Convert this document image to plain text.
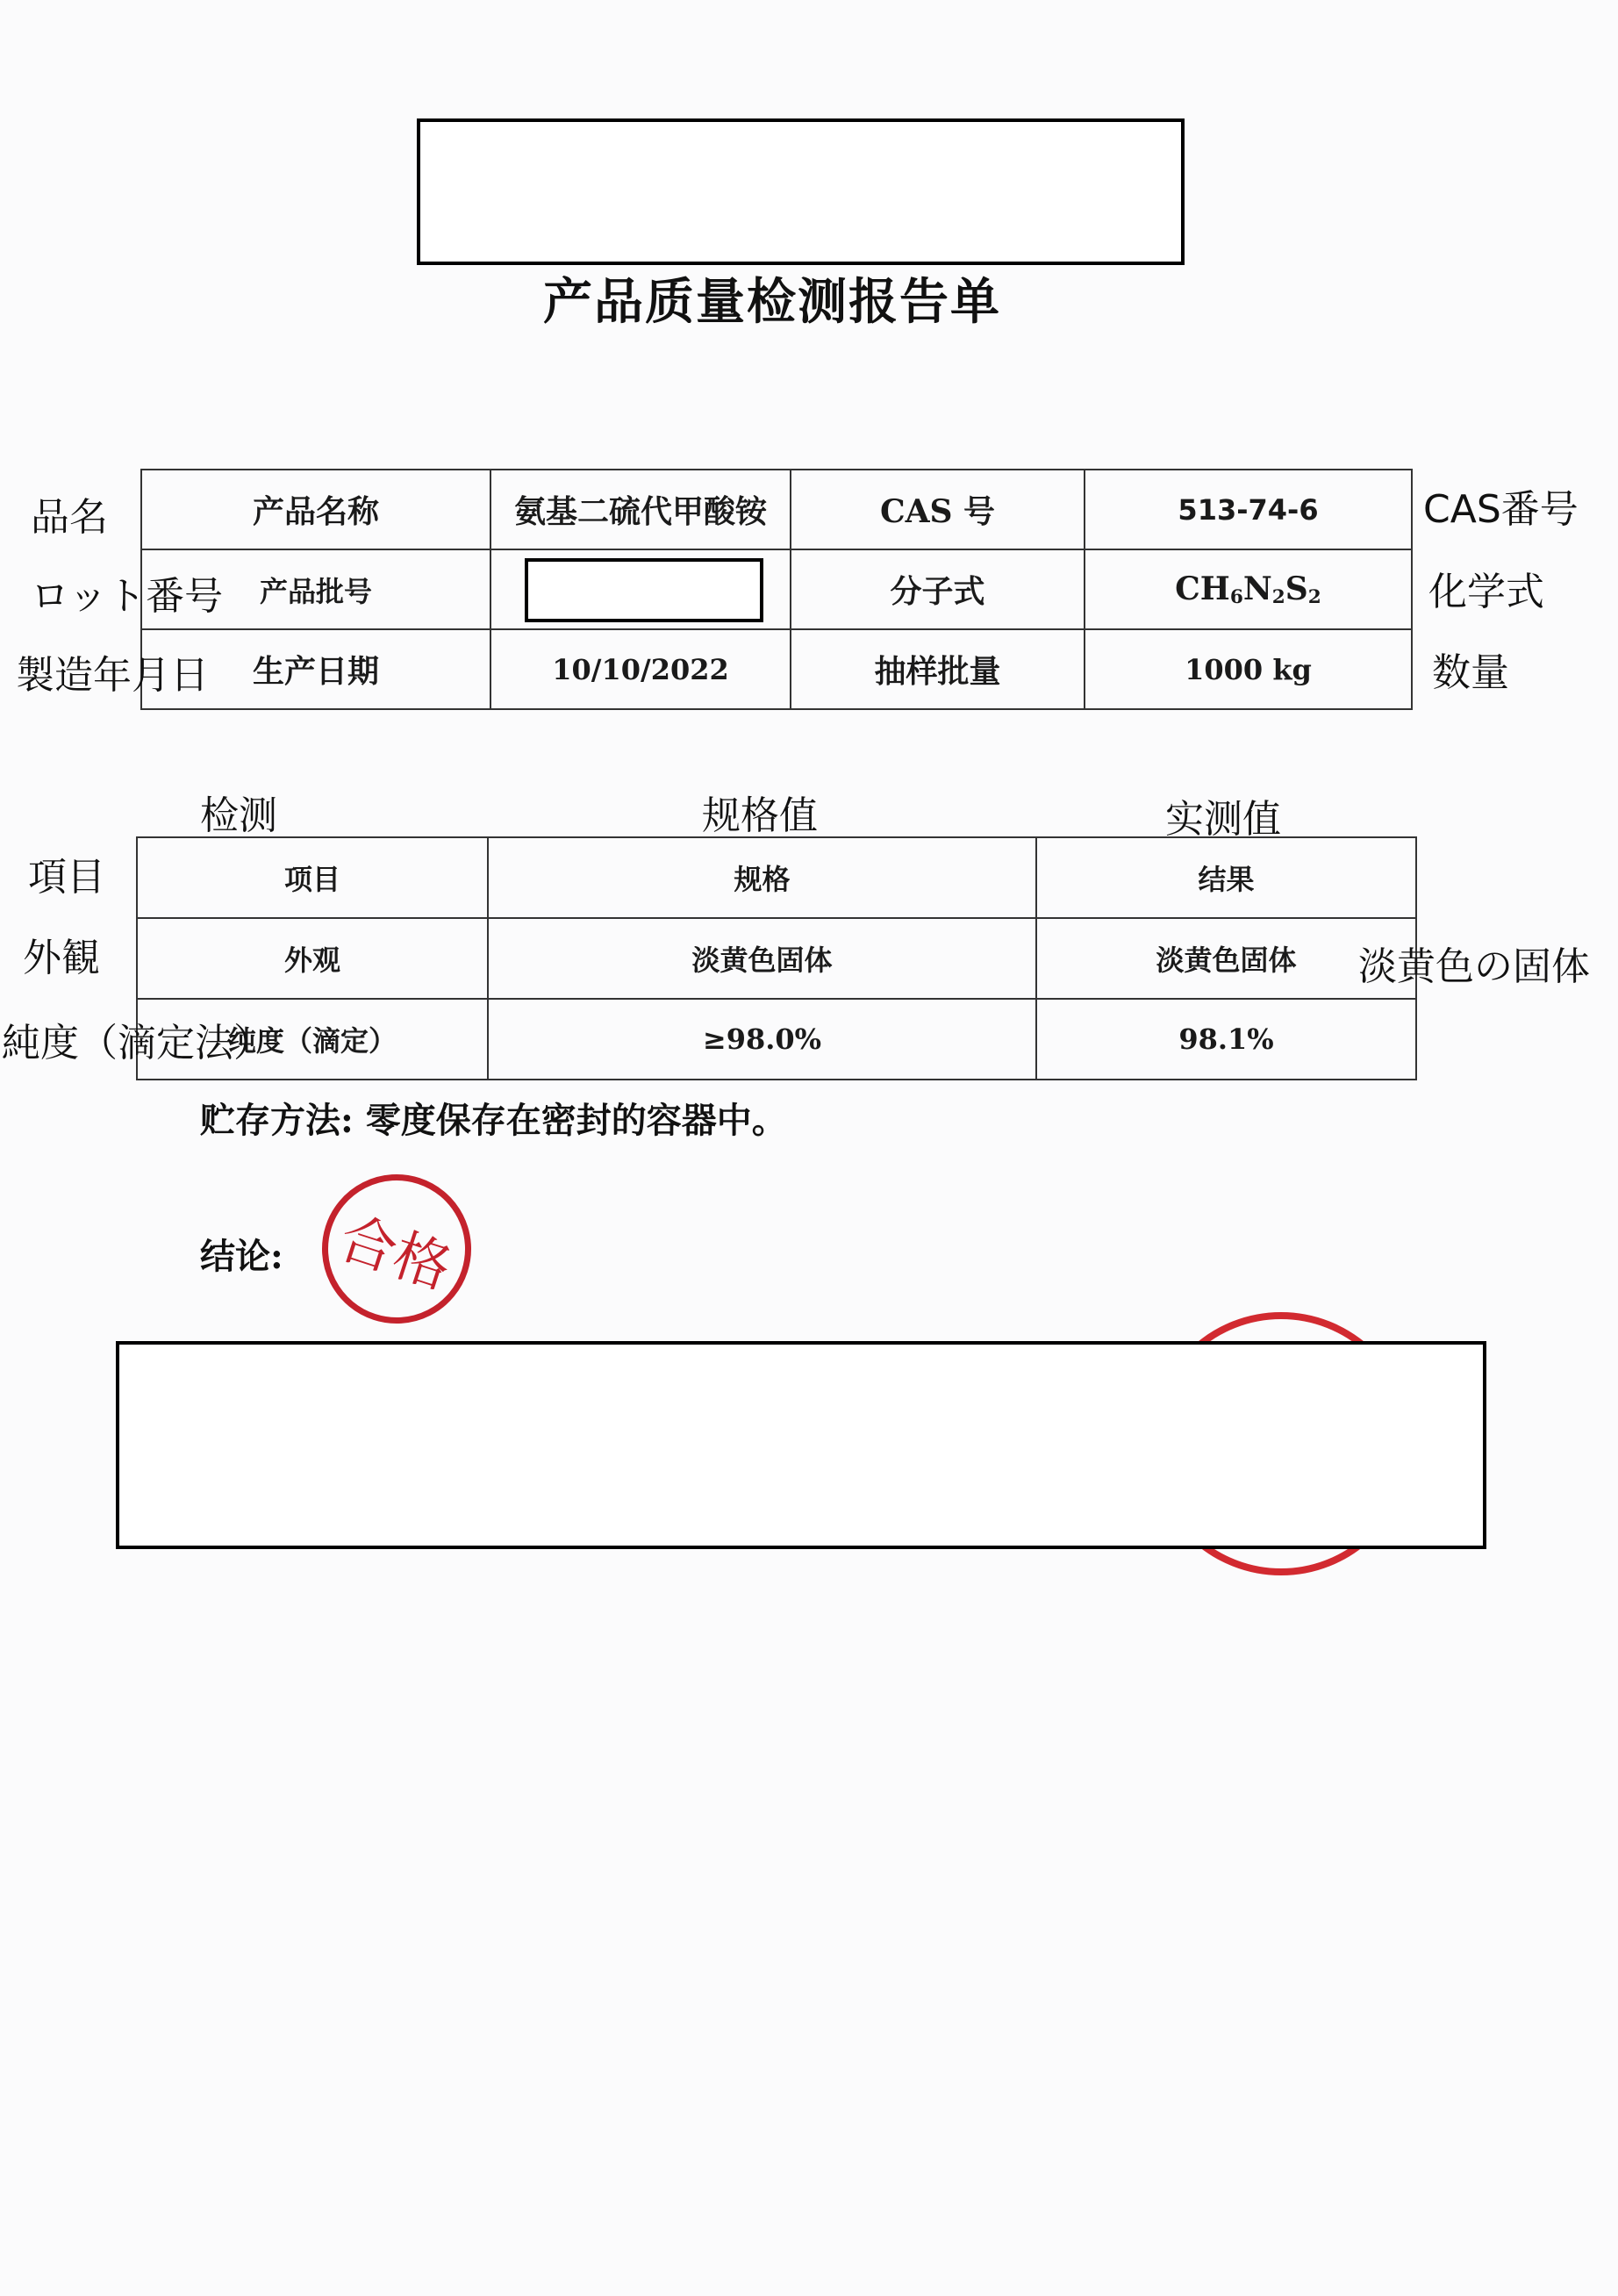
产品质量检测报告单
产品名称	氨基二硫代甲酸铵	CAS 号	513-74-6
产品批号		分子式	$CH_6N_2S_2$
生产日期	10/10/2022	抽样批量	1000 kg
品名
ロット番号
製造年月日
CAS番号
化学式
数量
检测	规格值	实测值
项目	规格	结果
外观	淡黄色固体	淡黄色固体
纯度（滴定）	≥98.0%	98.1%
項目
外観
純度（滴定法）
淡黄色の固体
贮存方法: 零度保存在密封的容器中。
结论: 合格
